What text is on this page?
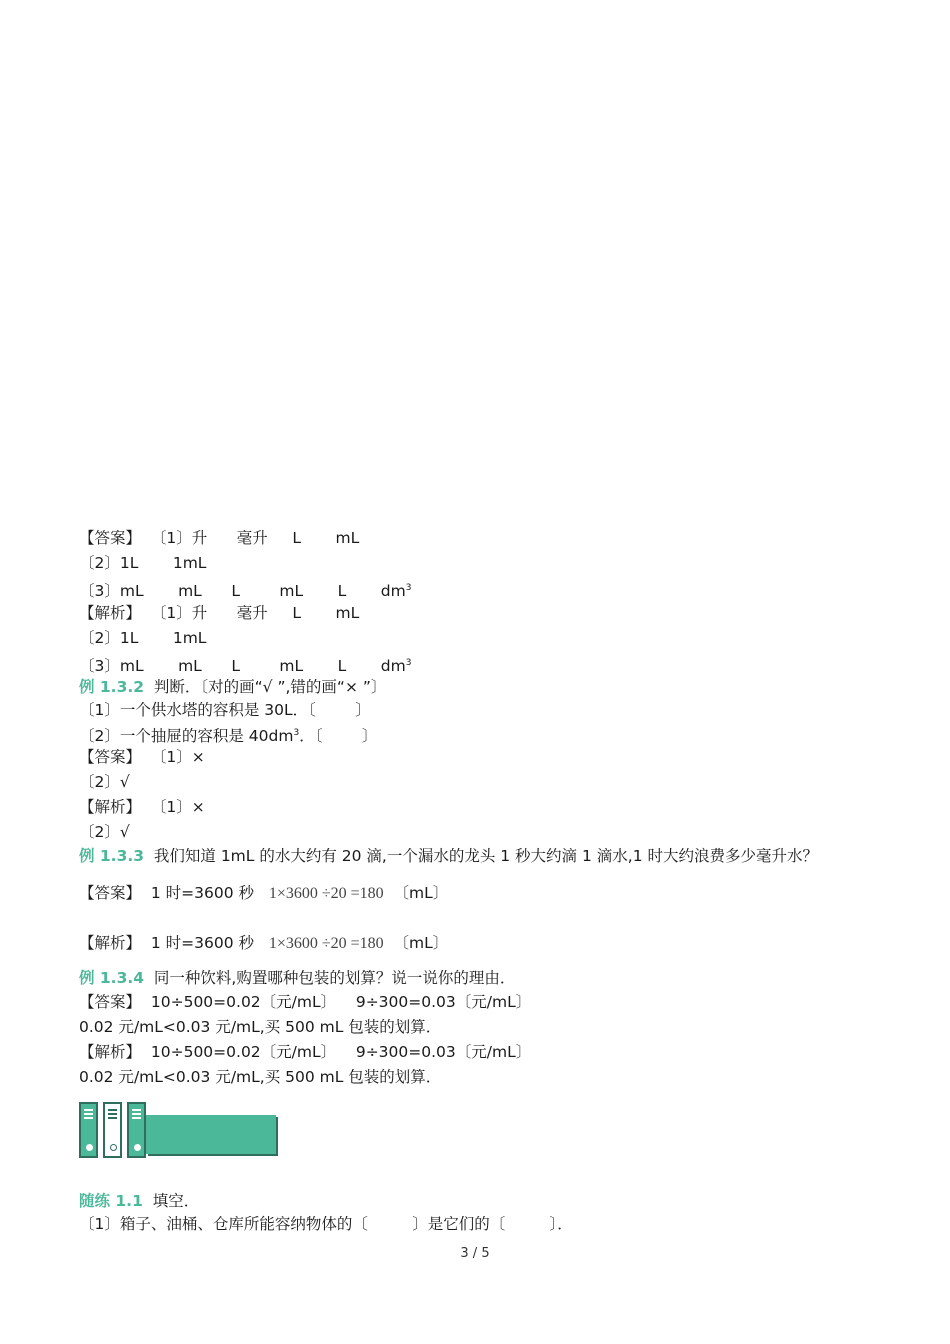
【答案】 〔1〕升      毫升     L       mL
〔2〕1L       1mL
〔3〕mL       mL      L        mL       L       $dm^3$
【解析】 〔1〕升      毫升     L       mL
〔2〕1L       1mL
〔3〕mL       mL      L        mL       L       $dm^3$
例 1.3.2 判断．〔对的画“√ ”,错的画“× ”〕
〔1〕一个供水塔的容积是 30L．〔        〕
〔2〕一个抽屉的容积是 $40dm^3$．〔        〕
【答案】 〔1〕×
〔2〕√
【解析】 〔1〕×
〔2〕√
例 1.3.3 我们知道 1mL 的水大约有 20 滴,一个漏水的龙头 1 秒大约滴 1 滴水,1 时大约浪费多少毫升水？
【答案】 1 时=3600 秒 1×3600 ÷20 =180 〔mL〕
【解析】 1 时=3600 秒 1×3600 ÷20 =180 〔mL〕
例 1.3.4 同一种饮料,购置哪种包装的划算？说一说你的理由．
【答案】 10÷500=0.02〔元/mL〕    9÷300=0.03〔元/mL〕
0.02 元/mL<0.03 元/mL,买 500 mL 包装的划算．
【解析】 10÷500=0.02〔元/mL〕    9÷300=0.03〔元/mL〕
0.02 元/mL<0.03 元/mL,买 500 mL 包装的划算．
随练 1.1 填空．
〔1〕箱子、油桶、仓库所能容纳物体的〔         〕是它们的〔         〕．
3 / 5
